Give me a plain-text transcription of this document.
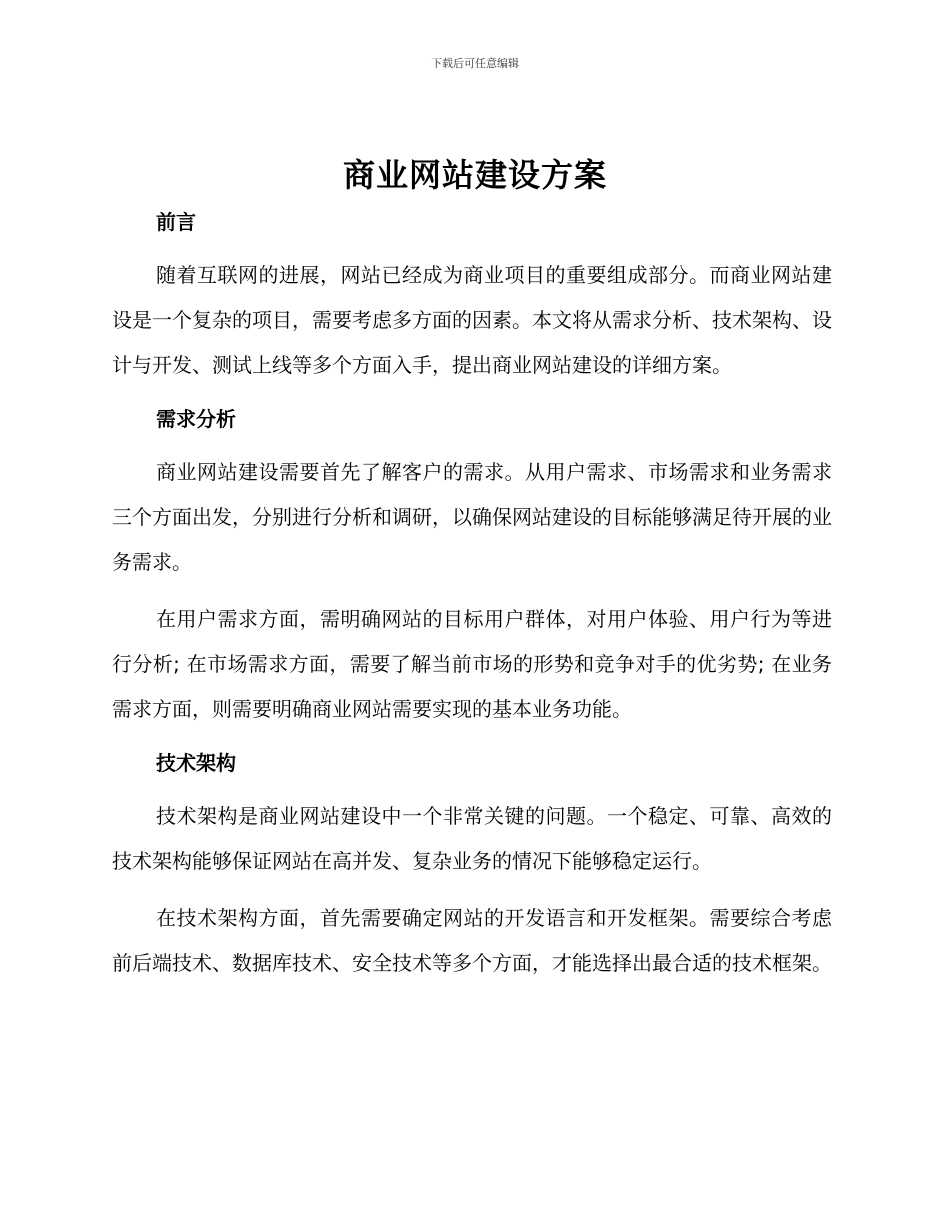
下载后可任意编辑
商业网站建设方案
前言

随着互联网的进展，网站已经成为商业项目的重要组成部分。而商业网站建设是一个复杂的项目，需要考虑多方面的因素。本文将从需求分析、技术架构、设计与开发、测试上线等多个方面入手，提出商业网站建设的详细方案。

需求分析

商业网站建设需要首先了解客户的需求。从用户需求、市场需求和业务需求三个方面出发，分别进行分析和调研，以确保网站建设的目标能够满足待开展的业务需求。

在用户需求方面，需明确网站的目标用户群体，对用户体验、用户行为等进行分析; 在市场需求方面，需要了解当前市场的形势和竞争对手的优劣势; 在业务需求方面，则需要明确商业网站需要实现的基本业务功能。

技术架构

技术架构是商业网站建设中一个非常关键的问题。一个稳定、可靠、高效的技术架构能够保证网站在高并发、复杂业务的情况下能够稳定运行。

在技术架构方面，首先需要确定网站的开发语言和开发框架。需要综合考虑前后端技术、数据库技术、安全技术等多个方面，才能选择出最合适的技术框架。
